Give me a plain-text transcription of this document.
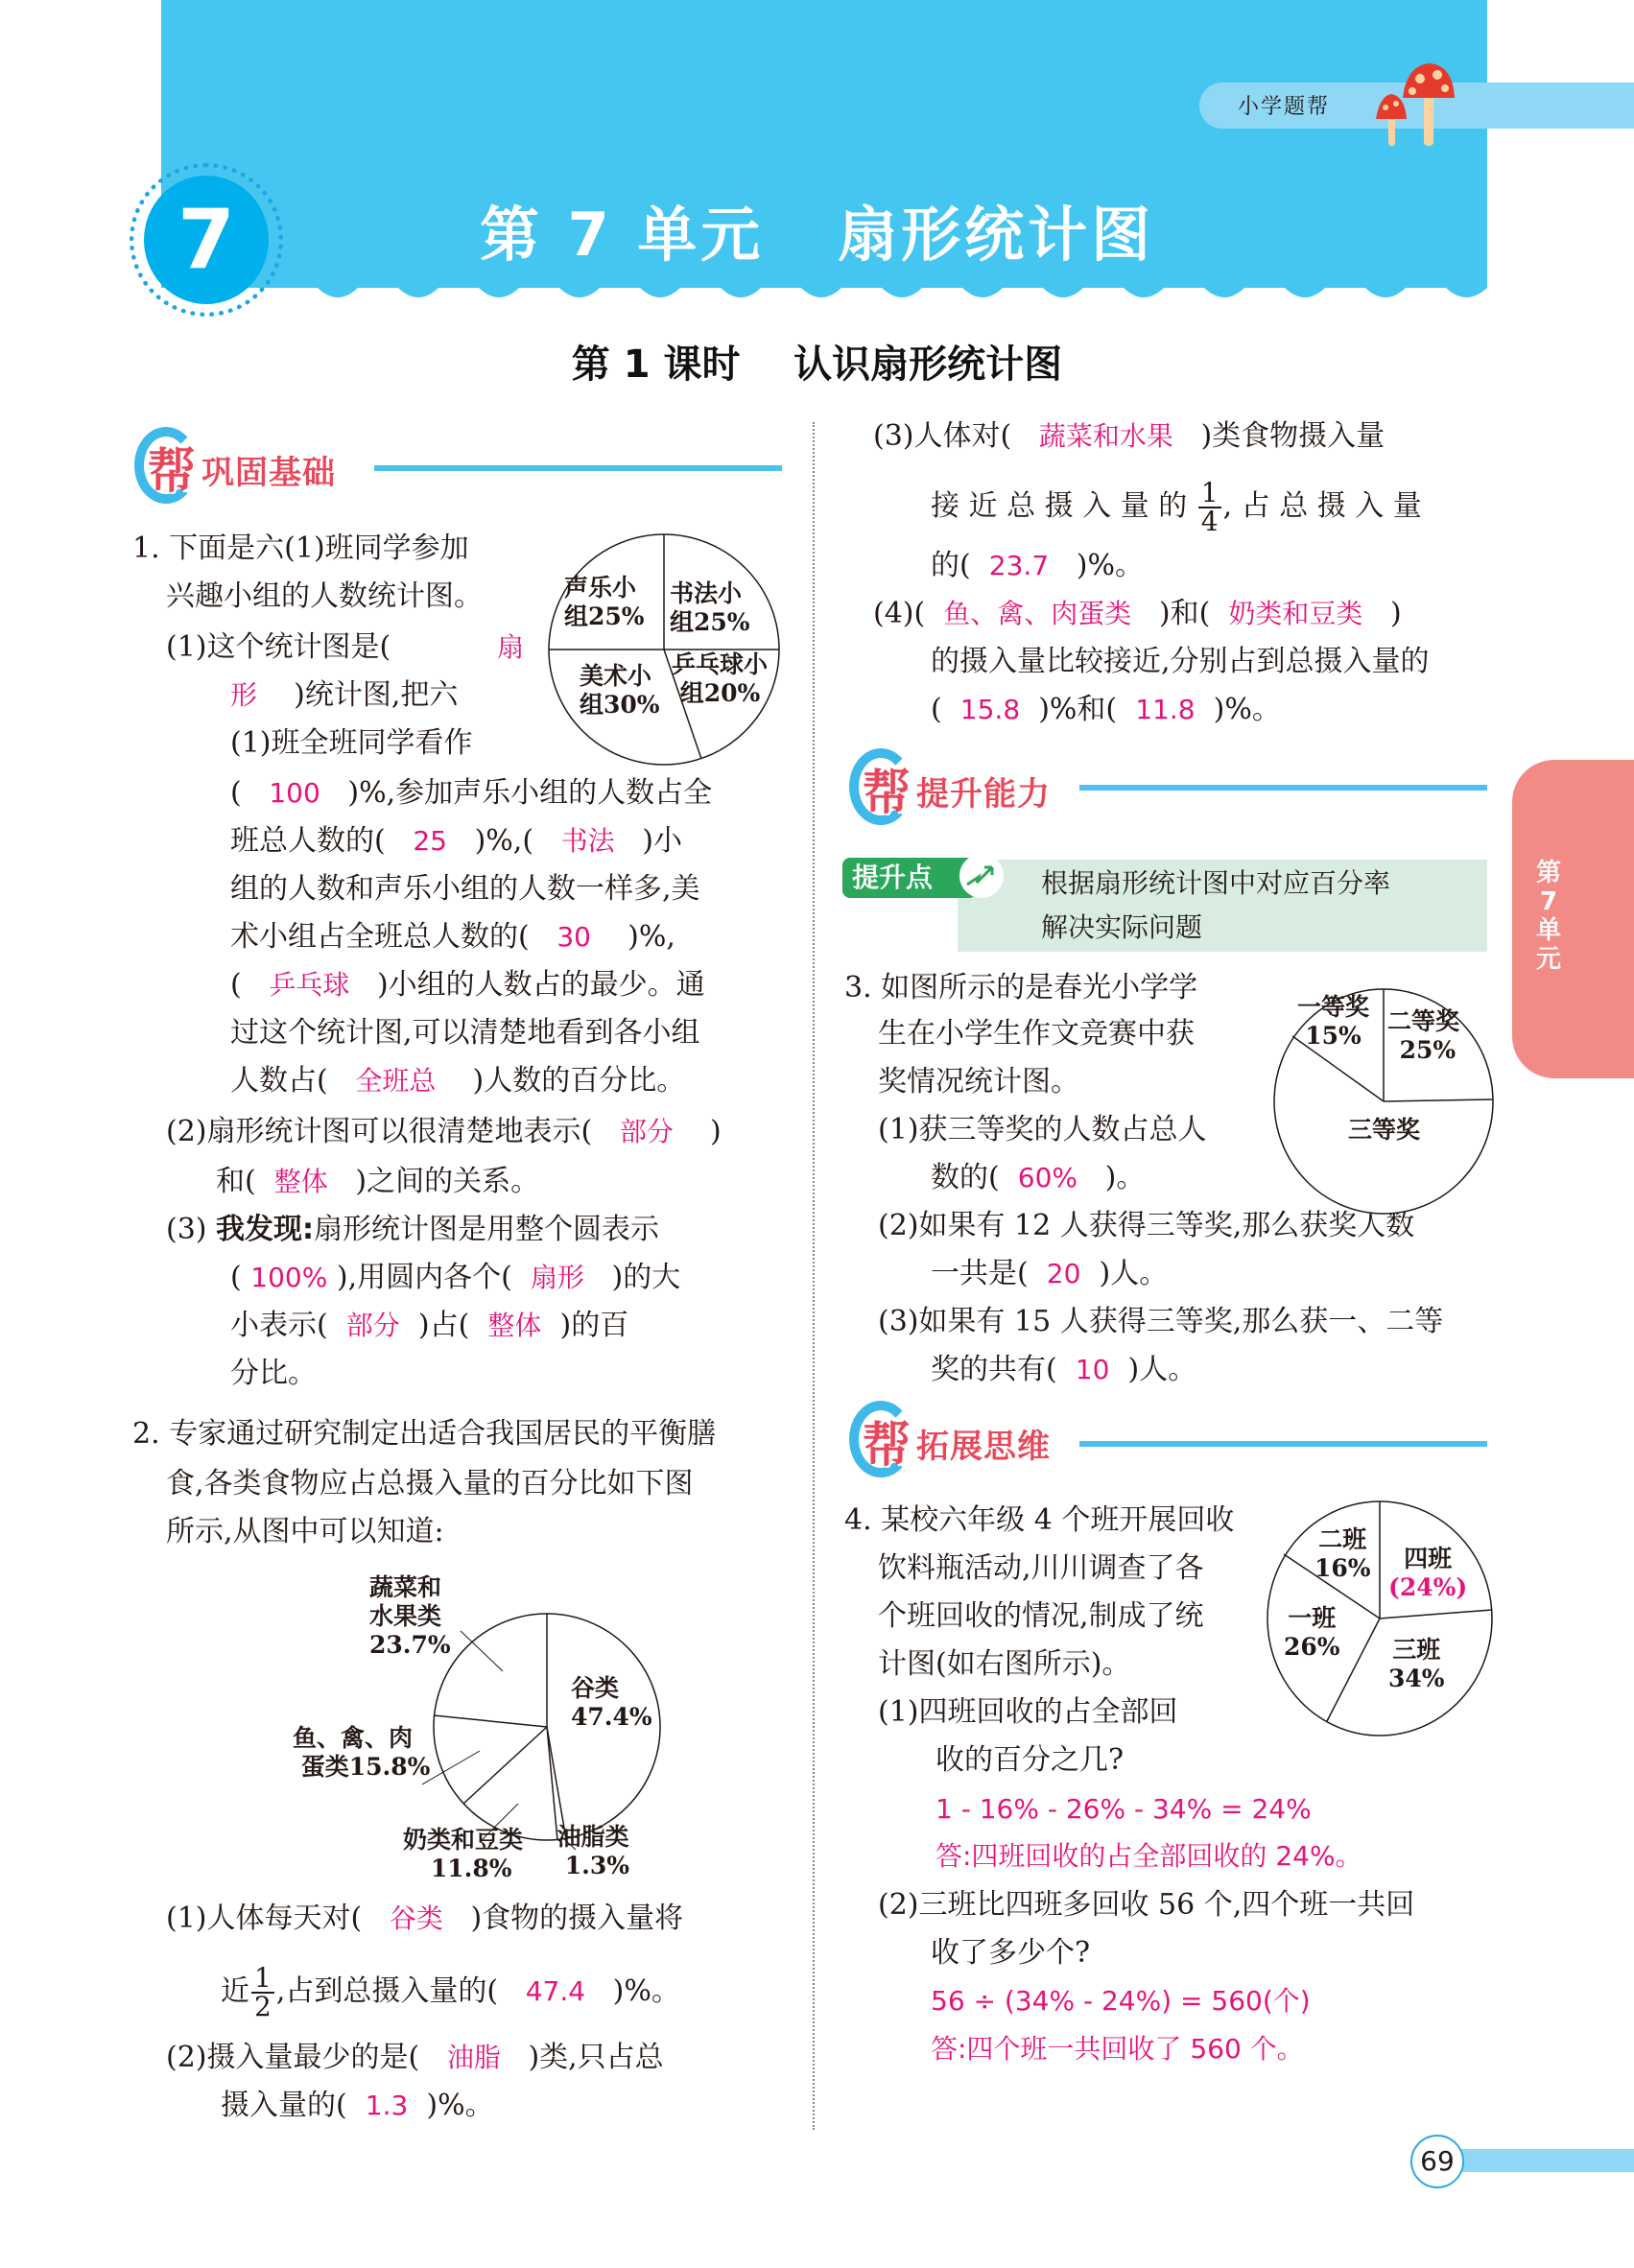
小学题帮
7	第 7 单元   扇形统计图
第 1 课时    认识扇形统计图
第
7
单
元
帮 巩固基础
1. 下面是六(1)班同学参加
兴趣小组的人数统计图。
(1)这个统计图是(	扇
形 )统计图,把六
(1)班全班同学看作
(   100 )%,参加声乐小组的人数占全
班总人数的( 25 )%,( 书法 )小
组的人数和声乐小组的人数一样多,美
术小组占全班总人数的( 30 )%,
(   乒乓球 )小组的人数占的最少。通
过这个统计图,可以清楚地看到各小组
人数占( 全班总 )人数的百分比。
(2)扇形统计图可以很清楚地表示( 部分    )
和( 整体 )之间的关系。
(3) 我发现:扇形统计图是用整个圆表示
( 100% ),用圆内各个( 扇形 )的大
小表示( 部分 )占( 整体 )的百
分比。
声乐小
组25%
书法小
组25%
乒乓球小
组20%
美术小
组30%
2. 专家通过研究制定出适合我国居民的平衡膳
食,各类食物应占总摄入量的百分比如下图
所示,从图中可以知道:
蔬菜和
水果类
23.7%
谷类
47.4%
鱼、禽、肉
蛋类15.8%
奶类和豆类
11.8%
油脂类
1.3%
(1)人体每天对( 谷类 )食物的摄入量将
近 $\frac{1}{2}$ ,占到总摄入量的( 47.4 )%。
(2)摄入量最少的是( 油脂 )类,只占总
摄入量的( 1.3 )%。
(3)人体对( 蔬菜和水果 )类食物摄入量
接 近 总 摄 入 量 的 $\frac{1}{4}$ , 占 总 摄 入 量
的( 23.7 )%。
(4)( 鱼、禽、肉蛋类 )和( 奶类和豆类 )
的摄入量比较接近,分别占到总摄入量的
( 15.8 )%和( 11.8 )%。
帮 提升能力
提升点	根据扇形统计图中对应百分率
解决实际问题
3. 如图所示的是春光小学学
生在小学生作文竞赛中获
奖情况统计图。
(1)获三等奖的人数占总人
数的( 60% )。
(2)如果有 12 人获得三等奖,那么获奖人数
一共是( 20 )人。
(3)如果有 15 人获得三等奖,那么获一、二等
奖的共有( 10 )人。
一等奖
15%
二等奖
25%
三等奖
帮 拓展思维
4. 某校六年级 4 个班开展回收
饮料瓶活动,川川调查了各
个班回收的情况,制成了统
计图(如右图所示)。
(1)四班回收的占全部回
收的百分之几?
1 - 16% - 26% - 34% = 24%
答:四班回收的占全部回收的 24%。
(2)三班比四班多回收 56 个,四个班一共回
收了多少个?
56 ÷ (34% - 24%) = 560(个)
答:四个班一共回收了 560 个。
二班
16%	四班
(24%)
一班
26% 三班
34%
69
